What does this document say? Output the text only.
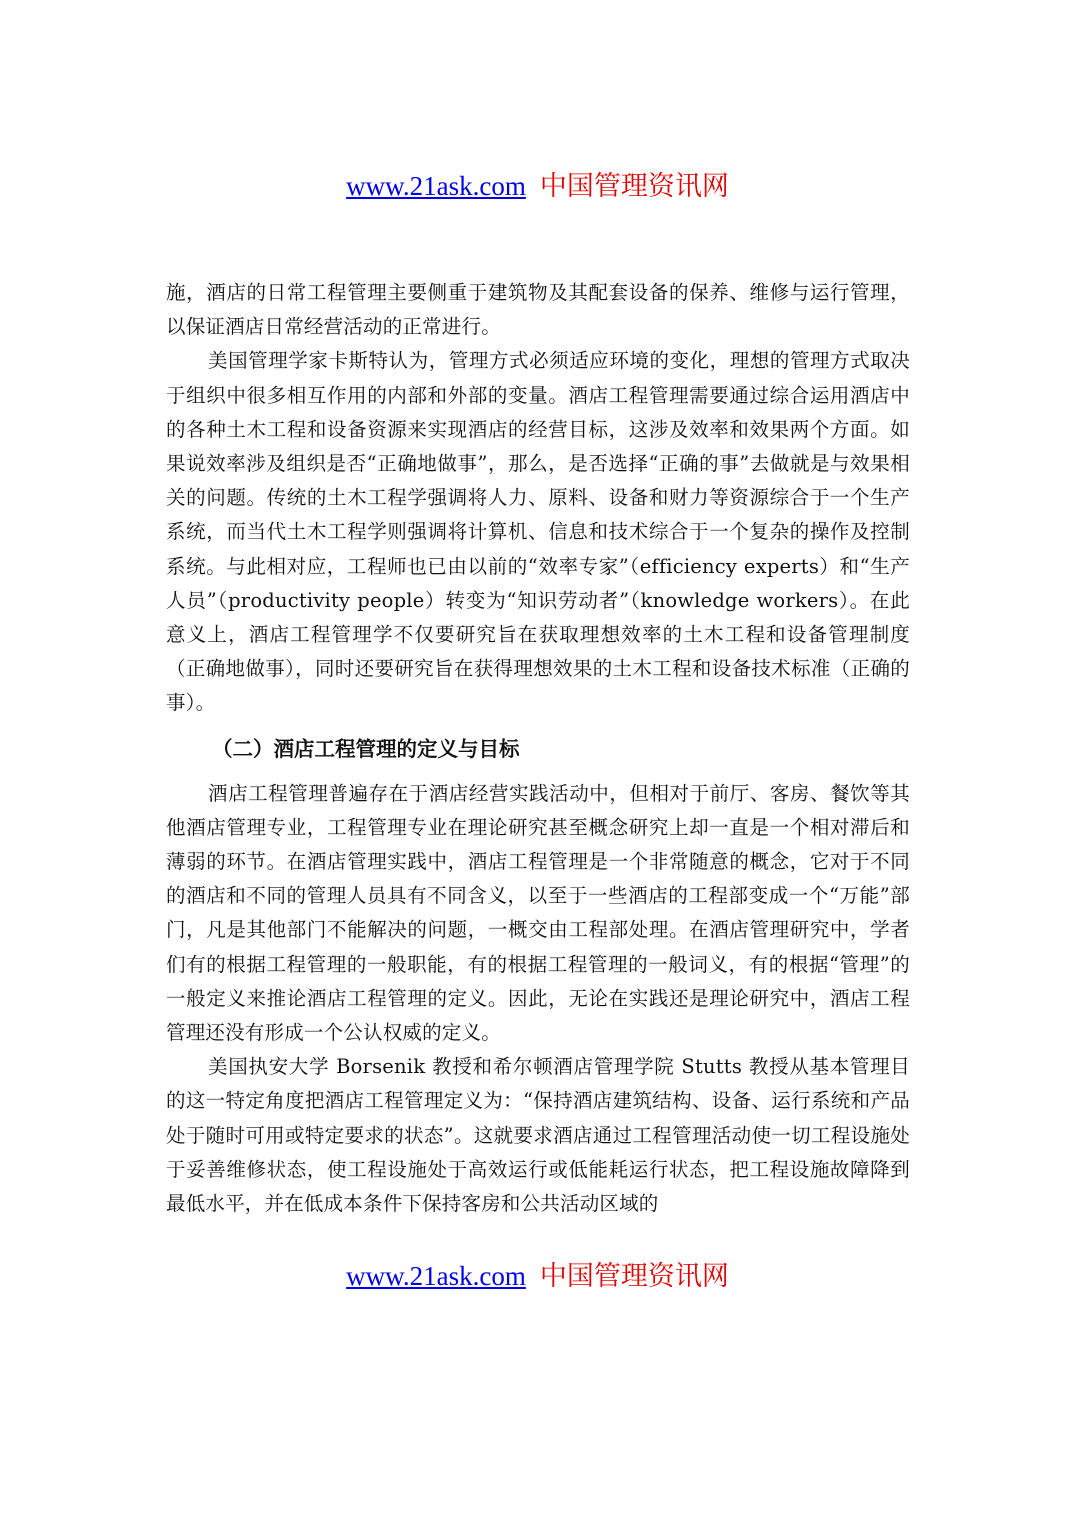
www.21ask.com 中国管理资讯网

施，酒店的日常工程管理主要侧重于建筑物及其配套设备的保养、维修与运行管理，以保证酒店日常经营活动的正常进行。

美国管理学家卡斯特认为，管理方式必须适应环境的变化，理想的管理方式取决于组织中很多相互作用的内部和外部的变量。酒店工程管理需要通过综合运用酒店中的各种土木工程和设备资源来实现酒店的经营目标，这涉及效率和效果两个方面。如果说效率涉及组织是否“正确地做事”，那么，是否选择“正确的事”去做就是与效果相关的问题。传统的土木工程学强调将人力、原料、设备和财力等资源综合于一个生产系统，而当代土木工程学则强调将计算机、信息和技术综合于一个复杂的操作及控制系统。与此相对应，工程师也已由以前的“效率专家”（efficiency experts）和“生产人员”（productivity people）转变为“知识劳动者”（knowledge workers）。在此意义上，酒店工程管理学不仅要研究旨在获取理想效率的土木工程和设备管理制度（正确地做事），同时还要研究旨在获得理想效果的土木工程和设备技术标准（正确的事）。

（二）酒店工程管理的定义与目标

酒店工程管理普遍存在于酒店经营实践活动中，但相对于前厅、客房、餐饮等其他酒店管理专业，工程管理专业在理论研究甚至概念研究上却一直是一个相对滞后和薄弱的环节。在酒店管理实践中，酒店工程管理是一个非常随意的概念，它对于不同的酒店和不同的管理人员具有不同含义，以至于一些酒店的工程部变成一个“万能”部门，凡是其他部门不能解决的问题，一概交由工程部处理。在酒店管理研究中，学者们有的根据工程管理的一般职能，有的根据工程管理的一般词义，有的根据“管理”的一般定义来推论酒店工程管理的定义。因此，无论在实践还是理论研究中，酒店工程管理还没有形成一个公认权威的定义。

美国执安大学 Borsenik 教授和希尔顿酒店管理学院 Stutts 教授从基本管理目的这一特定角度把酒店工程管理定义为：“保持酒店建筑结构、设备、运行系统和产品处于随时可用或特定要求的状态”。这就要求酒店通过工程管理活动使一切工程设施处于妥善维修状态，使工程设施处于高效运行或低能耗运行状态，把工程设施故障降到最低水平，并在低成本条件下保持客房和公共活动区域的

www.21ask.com 中国管理资讯网
